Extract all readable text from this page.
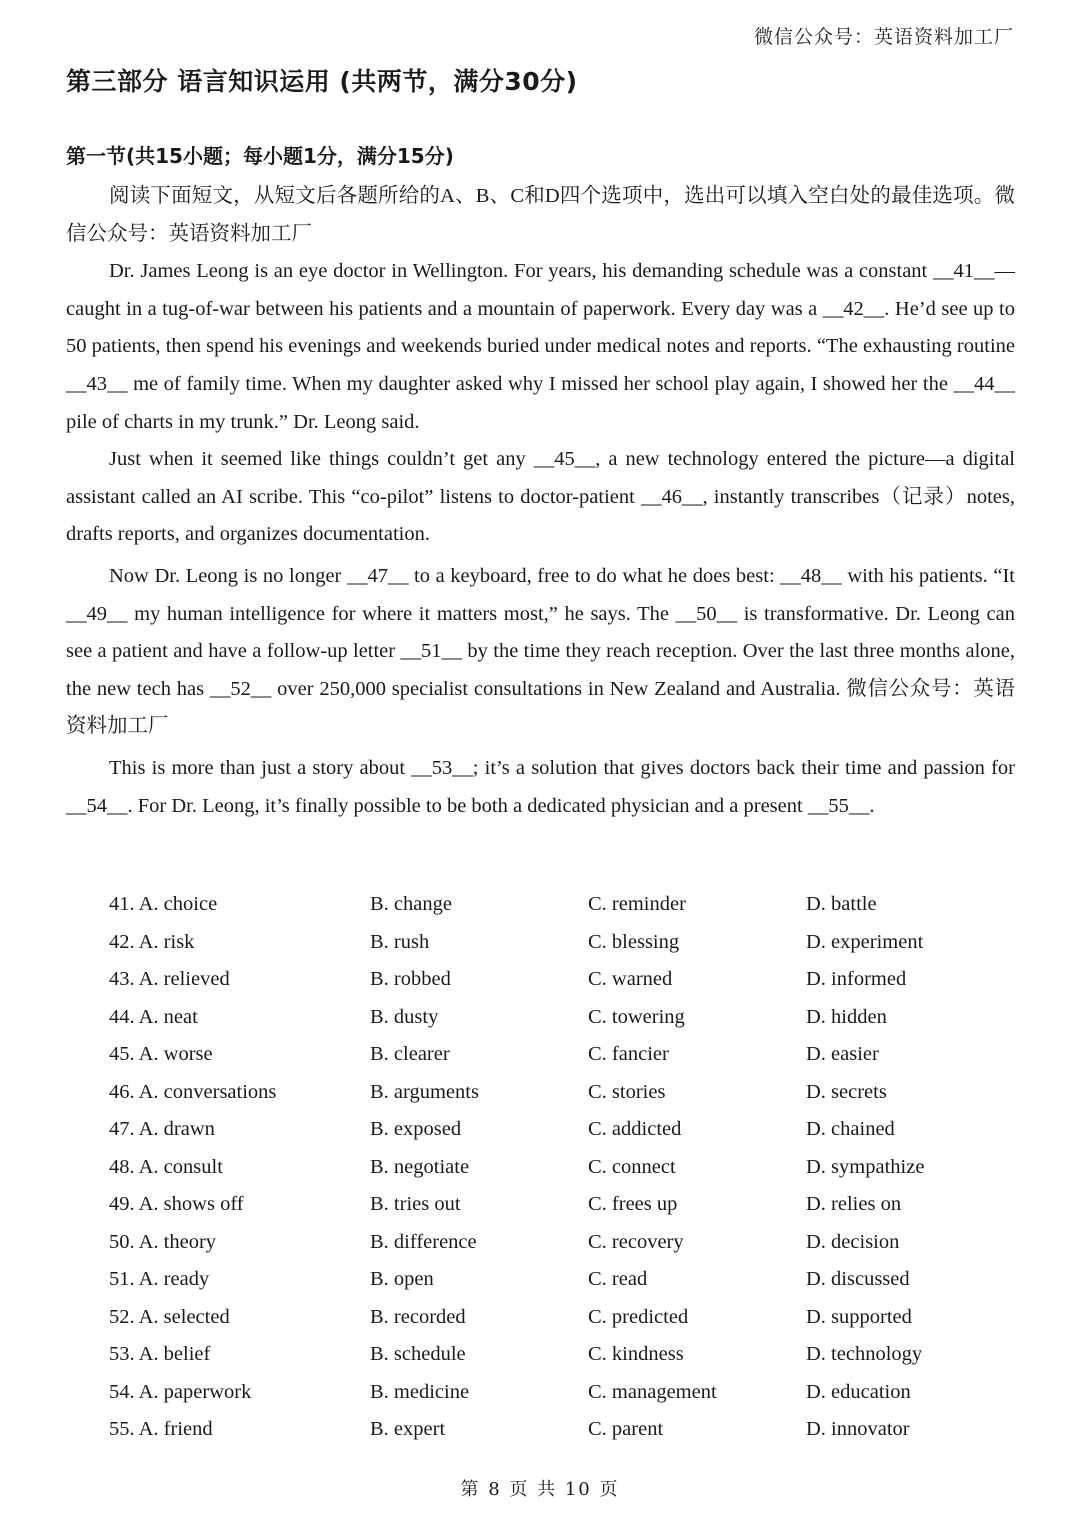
微信公众号：英语资料加工厂
第三部分 语言知识运用 (共两节，满分30分)
第一节(共15小题；每小题1分，满分15分)

阅读下面短文，从短文后各题所给的A、B、C和D四个选项中，选出可以填入空白处的最佳选项。微信公众号：英语资料加工厂

Dr. James Leong is an eye doctor in Wellington. For years, his demanding schedule was a constant __41__—caught in a tug-of-war between his patients and a mountain of paperwork. Every day was a __42__. He’d see up to 50 patients, then spend his evenings and weekends buried under medical notes and reports. “The exhausting routine __43__ me of family time. When my daughter asked why I missed her school play again, I showed her the __44__ pile of charts in my trunk.” Dr. Leong said.

Just when it seemed like things couldn’t get any __45__, a new technology entered the picture—a digital assistant called an AI scribe. This “co-pilot” listens to doctor-patient __46__, instantly transcribes（记录）notes, drafts reports, and organizes documentation.

Now Dr. Leong is no longer __47__ to a keyboard, free to do what he does best: __48__ with his patients. “It __49__ my human intelligence for where it matters most,” he says. The __50__ is transformative. Dr. Leong can see a patient and have a follow-up letter __51__ by the time they reach reception. Over the last three months alone, the new tech has __52__ over 250,000 specialist consultations in New Zealand and Australia. 微信公众号：英语资料加工厂

This is more than just a story about __53__; it’s a solution that gives doctors back their time and passion for __54__. For Dr. Leong, it’s finally possible to be both a dedicated physician and a present __55__.

41. A. choice	B. change	C. reminder	D. battle
42. A. risk	B. rush	C. blessing	D. experiment
43. A. relieved	B. robbed	C. warned	D. informed
44. A. neat	B. dusty	C. towering	D. hidden
45. A. worse	B. clearer	C. fancier	D. easier
46. A. conversations	B. arguments	C. stories	D. secrets
47. A. drawn	B. exposed	C. addicted	D. chained
48. A. consult	B. negotiate	C. connect	D. sympathize
49. A. shows off	B. tries out	C. frees up	D. relies on
50. A. theory	B. difference	C. recovery	D. decision
51. A. ready	B. open	C. read	D. discussed
52. A. selected	B. recorded	C. predicted	D. supported
53. A. belief	B. schedule	C. kindness	D. technology
54. A. paperwork	B. medicine	C. management	D. education
55. A. friend	B. expert	C. parent	D. innovator
第 8 页 共 10 页
